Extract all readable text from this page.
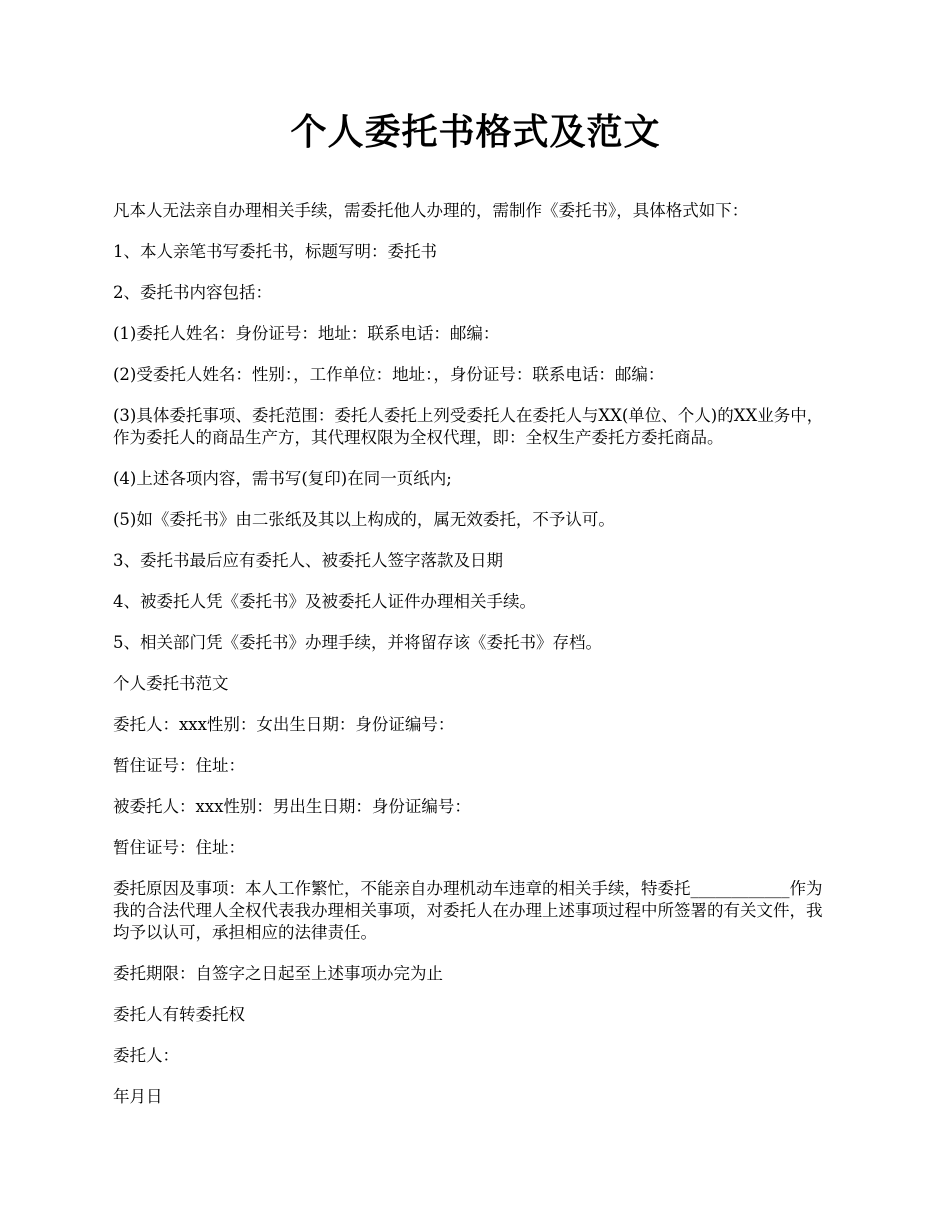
个人委托书格式及范文

凡本人无法亲自办理相关手续，需委托他人办理的，需制作《委托书》，具体格式如下：

1、本人亲笔书写委托书，标题写明：委托书

2、委托书内容包括：

(1)委托人姓名：身份证号：地址：联系电话：邮编：

(2)受委托人姓名：性别：，工作单位：地址：，身份证号：联系电话：邮编：

(3)具体委托事项、委托范围：委托人委托上列受委托人在委托人与XX(单位、个人)的XX业务中，作为委托人的商品生产方，其代理权限为全权代理，即：全权生产委托方委托商品。

(4)上述各项内容，需书写(复印)在同一页纸内;

(5)如《委托书》由二张纸及其以上构成的，属无效委托，不予认可。

3、委托书最后应有委托人、被委托人签字落款及日期

4、被委托人凭《委托书》及被委托人证件办理相关手续。

5、相关部门凭《委托书》办理手续，并将留存该《委托书》存档。

个人委托书范文

委托人：xxx性别：女出生日期：身份证编号：

暂住证号：住址：

被委托人：xxx性别：男出生日期：身份证编号：

暂住证号：住址：

委托原因及事项：本人工作繁忙，不能亲自办理机动车违章的相关手续，特委托____________作为我的合法代理人全权代表我办理相关事项，对委托人在办理上述事项过程中所签署的有关文件，我均予以认可，承担相应的法律责任。

委托期限：自签字之日起至上述事项办完为止

委托人有转委托权

委托人：

年月日
